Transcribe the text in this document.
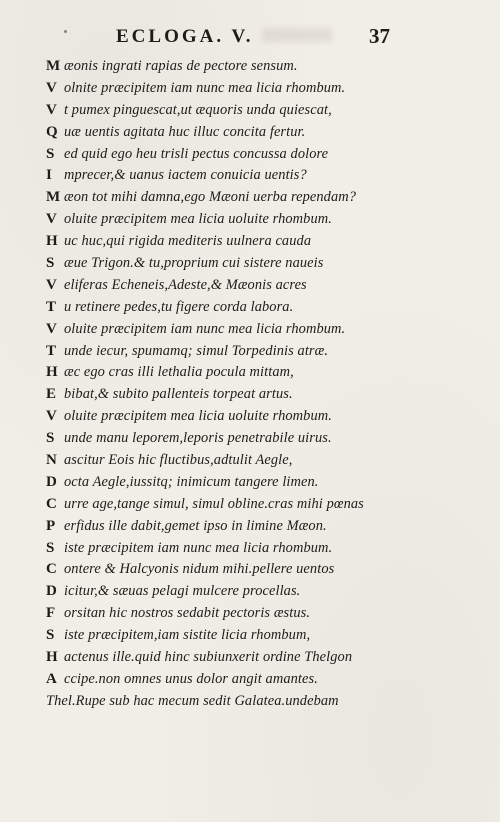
ECLOGA. V.	37
M æonis ingrati rapias de pectore sensum.
V olnite præcipitem iam nunc mea licia rhombum.
V t pumex pinguescat,ut æquoris unda quiescat,
Q uæ uentis agitata huc illuc concita fertur.
S ed quid ego heu trisli pectus concussa dolore
I mprecer,& uanus iactem conuicia uentis?
M æon tot mihi damna,ego Mæoni uerba rependam?
V oluite præcipitem mea licia uoluite rhombum.
H uc huc,qui rigida mediteris uulnera cauda
S æue Trigon.& tu,proprium cui sistere naueis
V eliferas Echeneis,Adeste,& Mæonis acres
T u retinere pedes,tu figere corda labora.
V oluite præcipitem iam nunc mea licia rhombum.
T unde iecur, spumamq; simul Torpedinis atræ.
H æc ego cras illi lethalia pocula mittam,
E bibat,& subito pallenteis torpeat artus.
V oluite præcipitem mea licia uoluite rhombum.
S unde manu leporem,leporis penetrabile uirus.
N ascitur Eois hic fluctibus,adtulit Aegle,
D octa Aegle,iussitq; inimicum tangere limen.
C urre age,tange simul, simul obline.cras mihi pœnas
P erfidus ille dabit,gemet ipso in limine Mæon.
S iste præcipitem iam nunc mea licia rhombum.
C ontere & Halcyonis nidum mihi.pellere uentos
D icitur,& sæuas pelagi mulcere procellas.
F orsitan hic nostros sedabit pectoris æstus.
S iste præcipitem,iam sistite licia rhombum,
H actenus ille.quid hinc subiunxerit ordine Thelgon
A ccipe.non omnes unus dolor angit amantes.
Thel.Rupe sub hac mecum sedit Galatea.undebam
